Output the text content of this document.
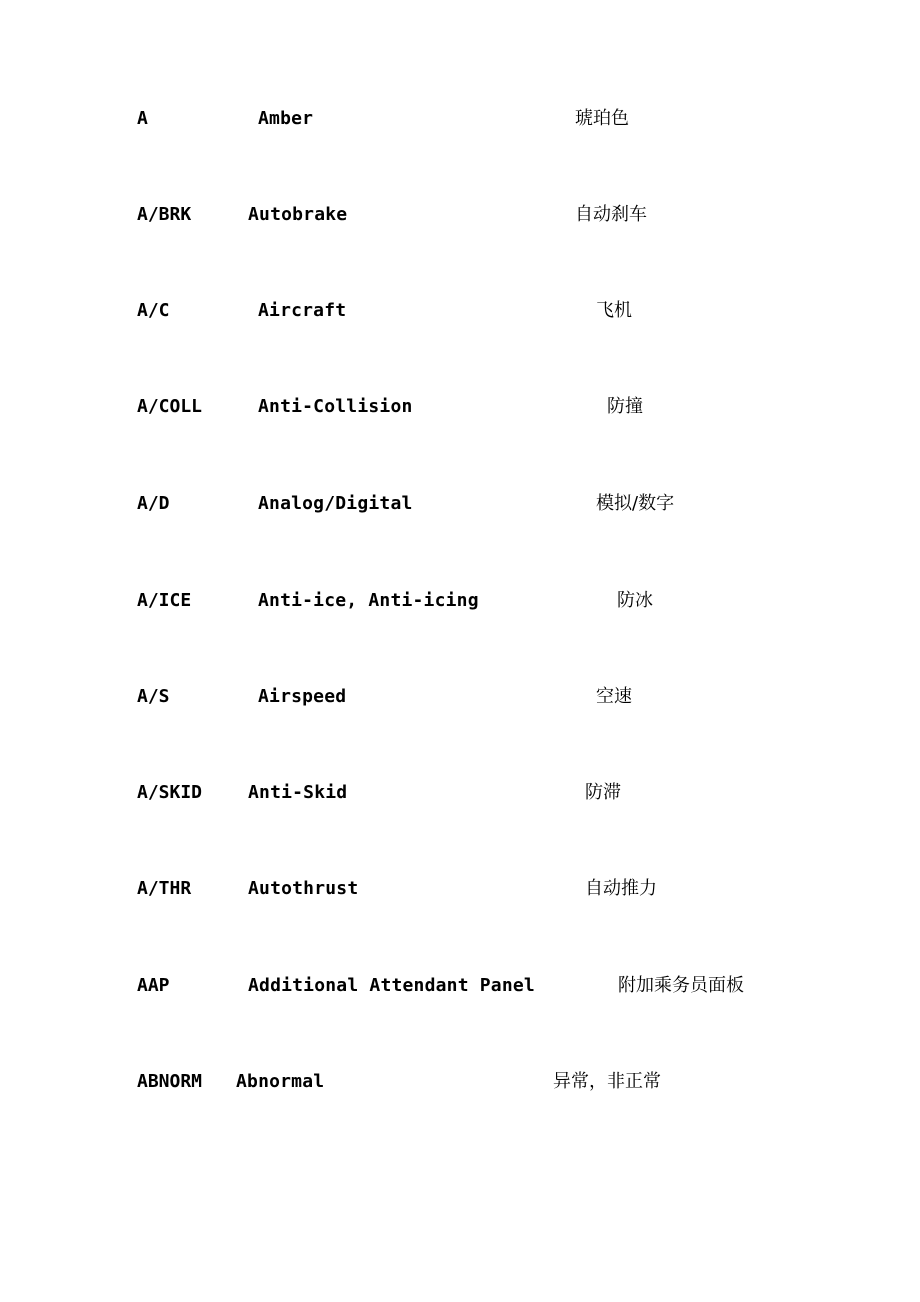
A	Amber	琥珀色
A/BRK	Autobrake	自动刹车
A/C	Aircraft	飞机
A/COLL	Anti-Collision	防撞
A/D	Analog/Digital	模拟/数字
A/ICE	Anti-ice, Anti-icing	防冰
A/S	Airspeed	空速
A/SKID	Anti-Skid	防滞
A/THR	Autothrust	自动推力
AAP	Additional Attendant Panel	附加乘务员面板
ABNORM Abnormal	异常，非正常
